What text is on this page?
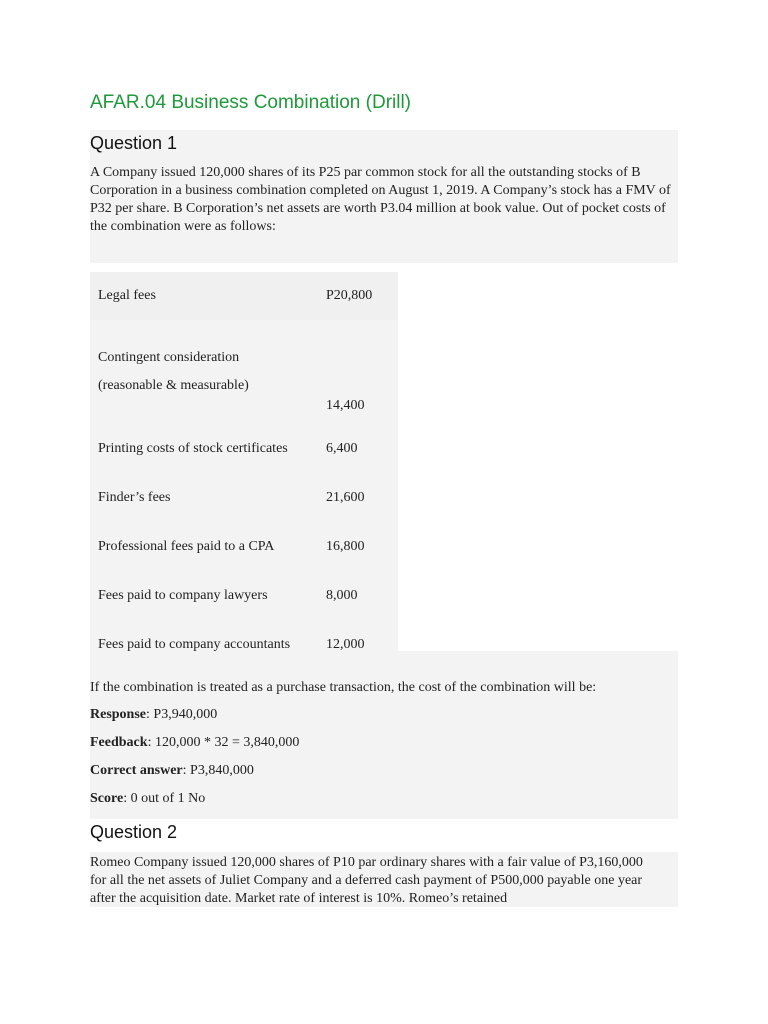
AFAR.04 Business Combination (Drill)
Question 1

A Company issued 120,000 shares of its P25 par common stock for all the outstanding stocks of B Corporation in a business combination completed on August 1, 2019. A Company’s stock has a FMV of P32 per share. B Corporation’s net assets are worth P3.04 million at book value. Out of pocket costs of the combination were as follows:

Legal fees	P20,800

Contingent consideration
(reasonable & measurable)	14,400
Printing costs of stock certificates	6,400
Finder’s fees	21,600
Professional fees paid to a CPA	16,800
Fees paid to company lawyers	8,000
Fees paid to company accountants	12,000
If the combination is treated as a purchase transaction, the cost of the combination will be:
Response: P3,940,000
Feedback: 120,000 * 32 = 3,840,000
Correct answer: P3,840,000
Score: 0 out of 1 No
Question 2

Romeo Company issued 120,000 shares of P10 par ordinary shares with a fair value of P3,160,000 for all the net assets of Juliet Company and a deferred cash payment of P500,000 payable one year after the acquisition date. Market rate of interest is 10%. Romeo’s retained
